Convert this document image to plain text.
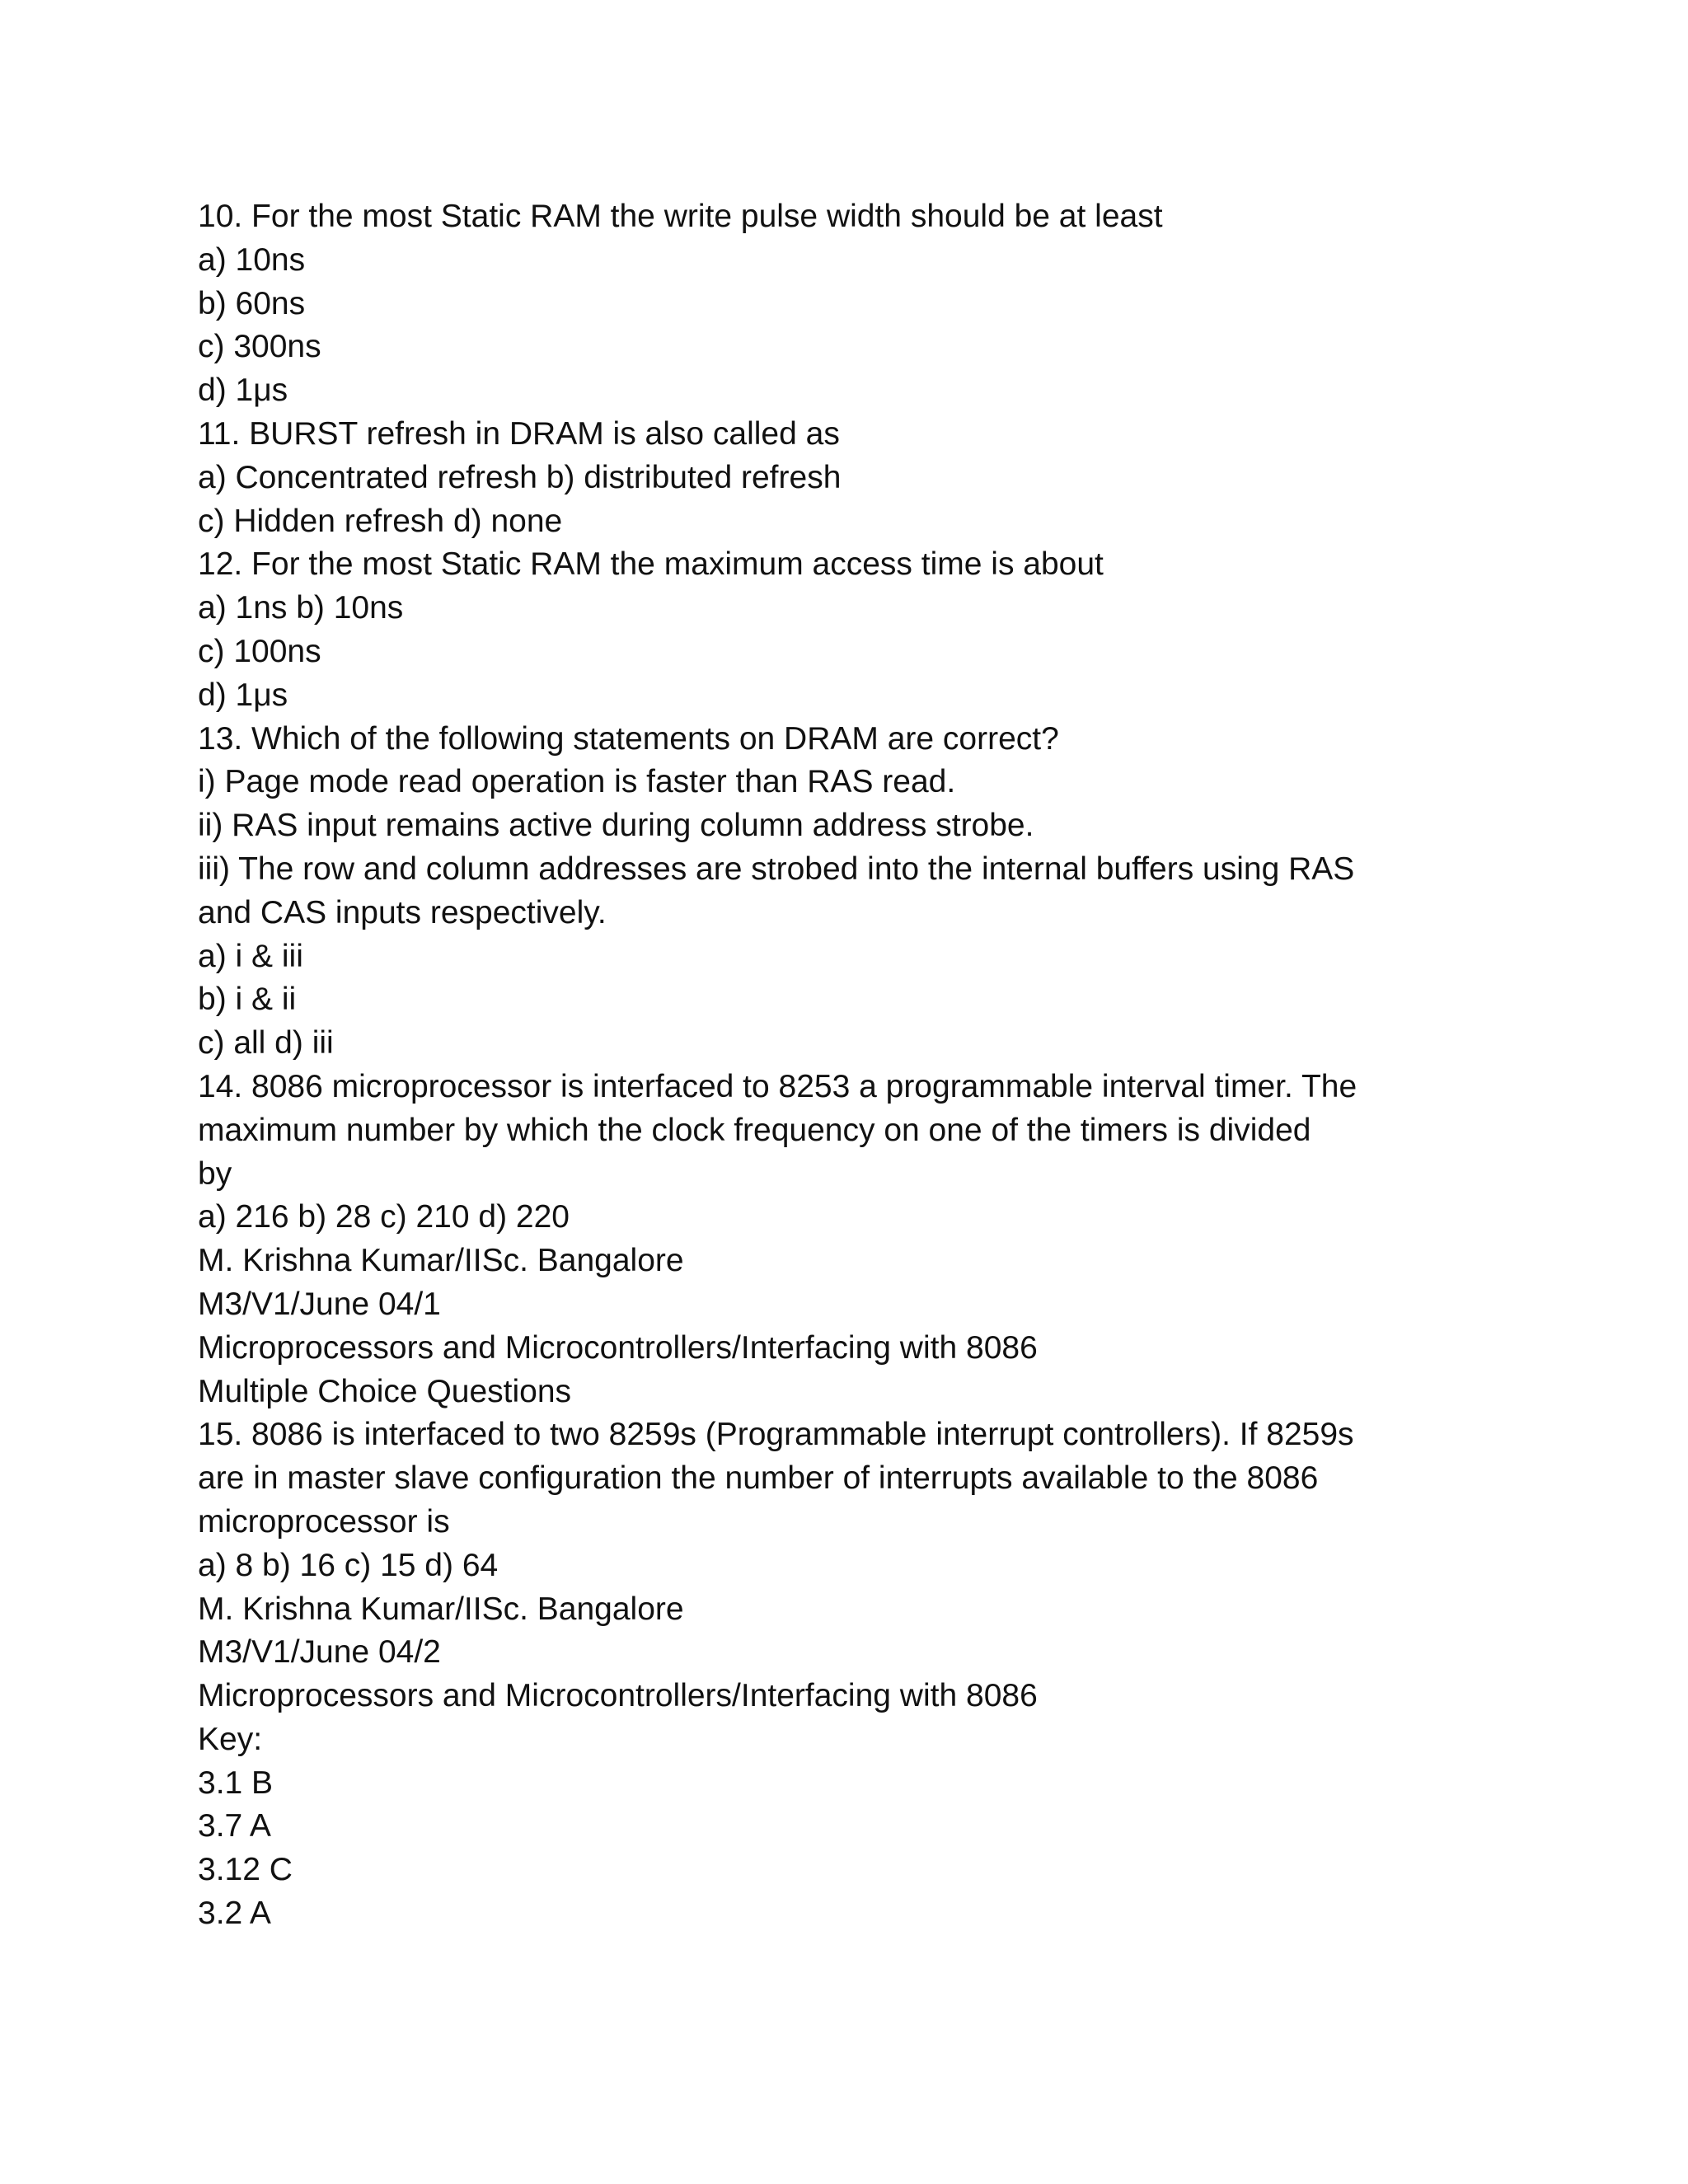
10. For the most Static RAM the write pulse width should be at least

a) 10ns

b) 60ns

c) 300ns

d) 1μs

11. BURST refresh in DRAM is also called as

a) Concentrated refresh b) distributed refresh

c) Hidden refresh d) none

12. For the most Static RAM the maximum access time is about

a) 1ns b) 10ns

c) 100ns

d) 1μs

13. Which of the following statements on DRAM are correct?

i) Page mode read operation is faster than RAS read.

ii) RAS input remains active during column address strobe.

iii) The row and column addresses are strobed into the internal buffers using RAS

and CAS inputs respectively.

a) i & iii

b) i & ii

c) all d) iii

14. 8086 microprocessor is interfaced to 8253 a programmable interval timer. The

maximum number by which the clock frequency on one of the timers is divided

by

a) 216 b) 28 c) 210 d) 220

M. Krishna Kumar/IISc. Bangalore

M3/V1/June 04/1

Microprocessors and Microcontrollers/Interfacing with 8086

Multiple Choice Questions

15. 8086 is interfaced to two 8259s (Programmable interrupt controllers). If 8259s

are in master slave configuration the number of interrupts available to the 8086

microprocessor is

a) 8 b) 16 c) 15 d) 64

M. Krishna Kumar/IISc. Bangalore

M3/V1/June 04/2

Microprocessors and Microcontrollers/Interfacing with 8086

Key:

3.1 B

3.7 A

3.12 C

3.2 A
